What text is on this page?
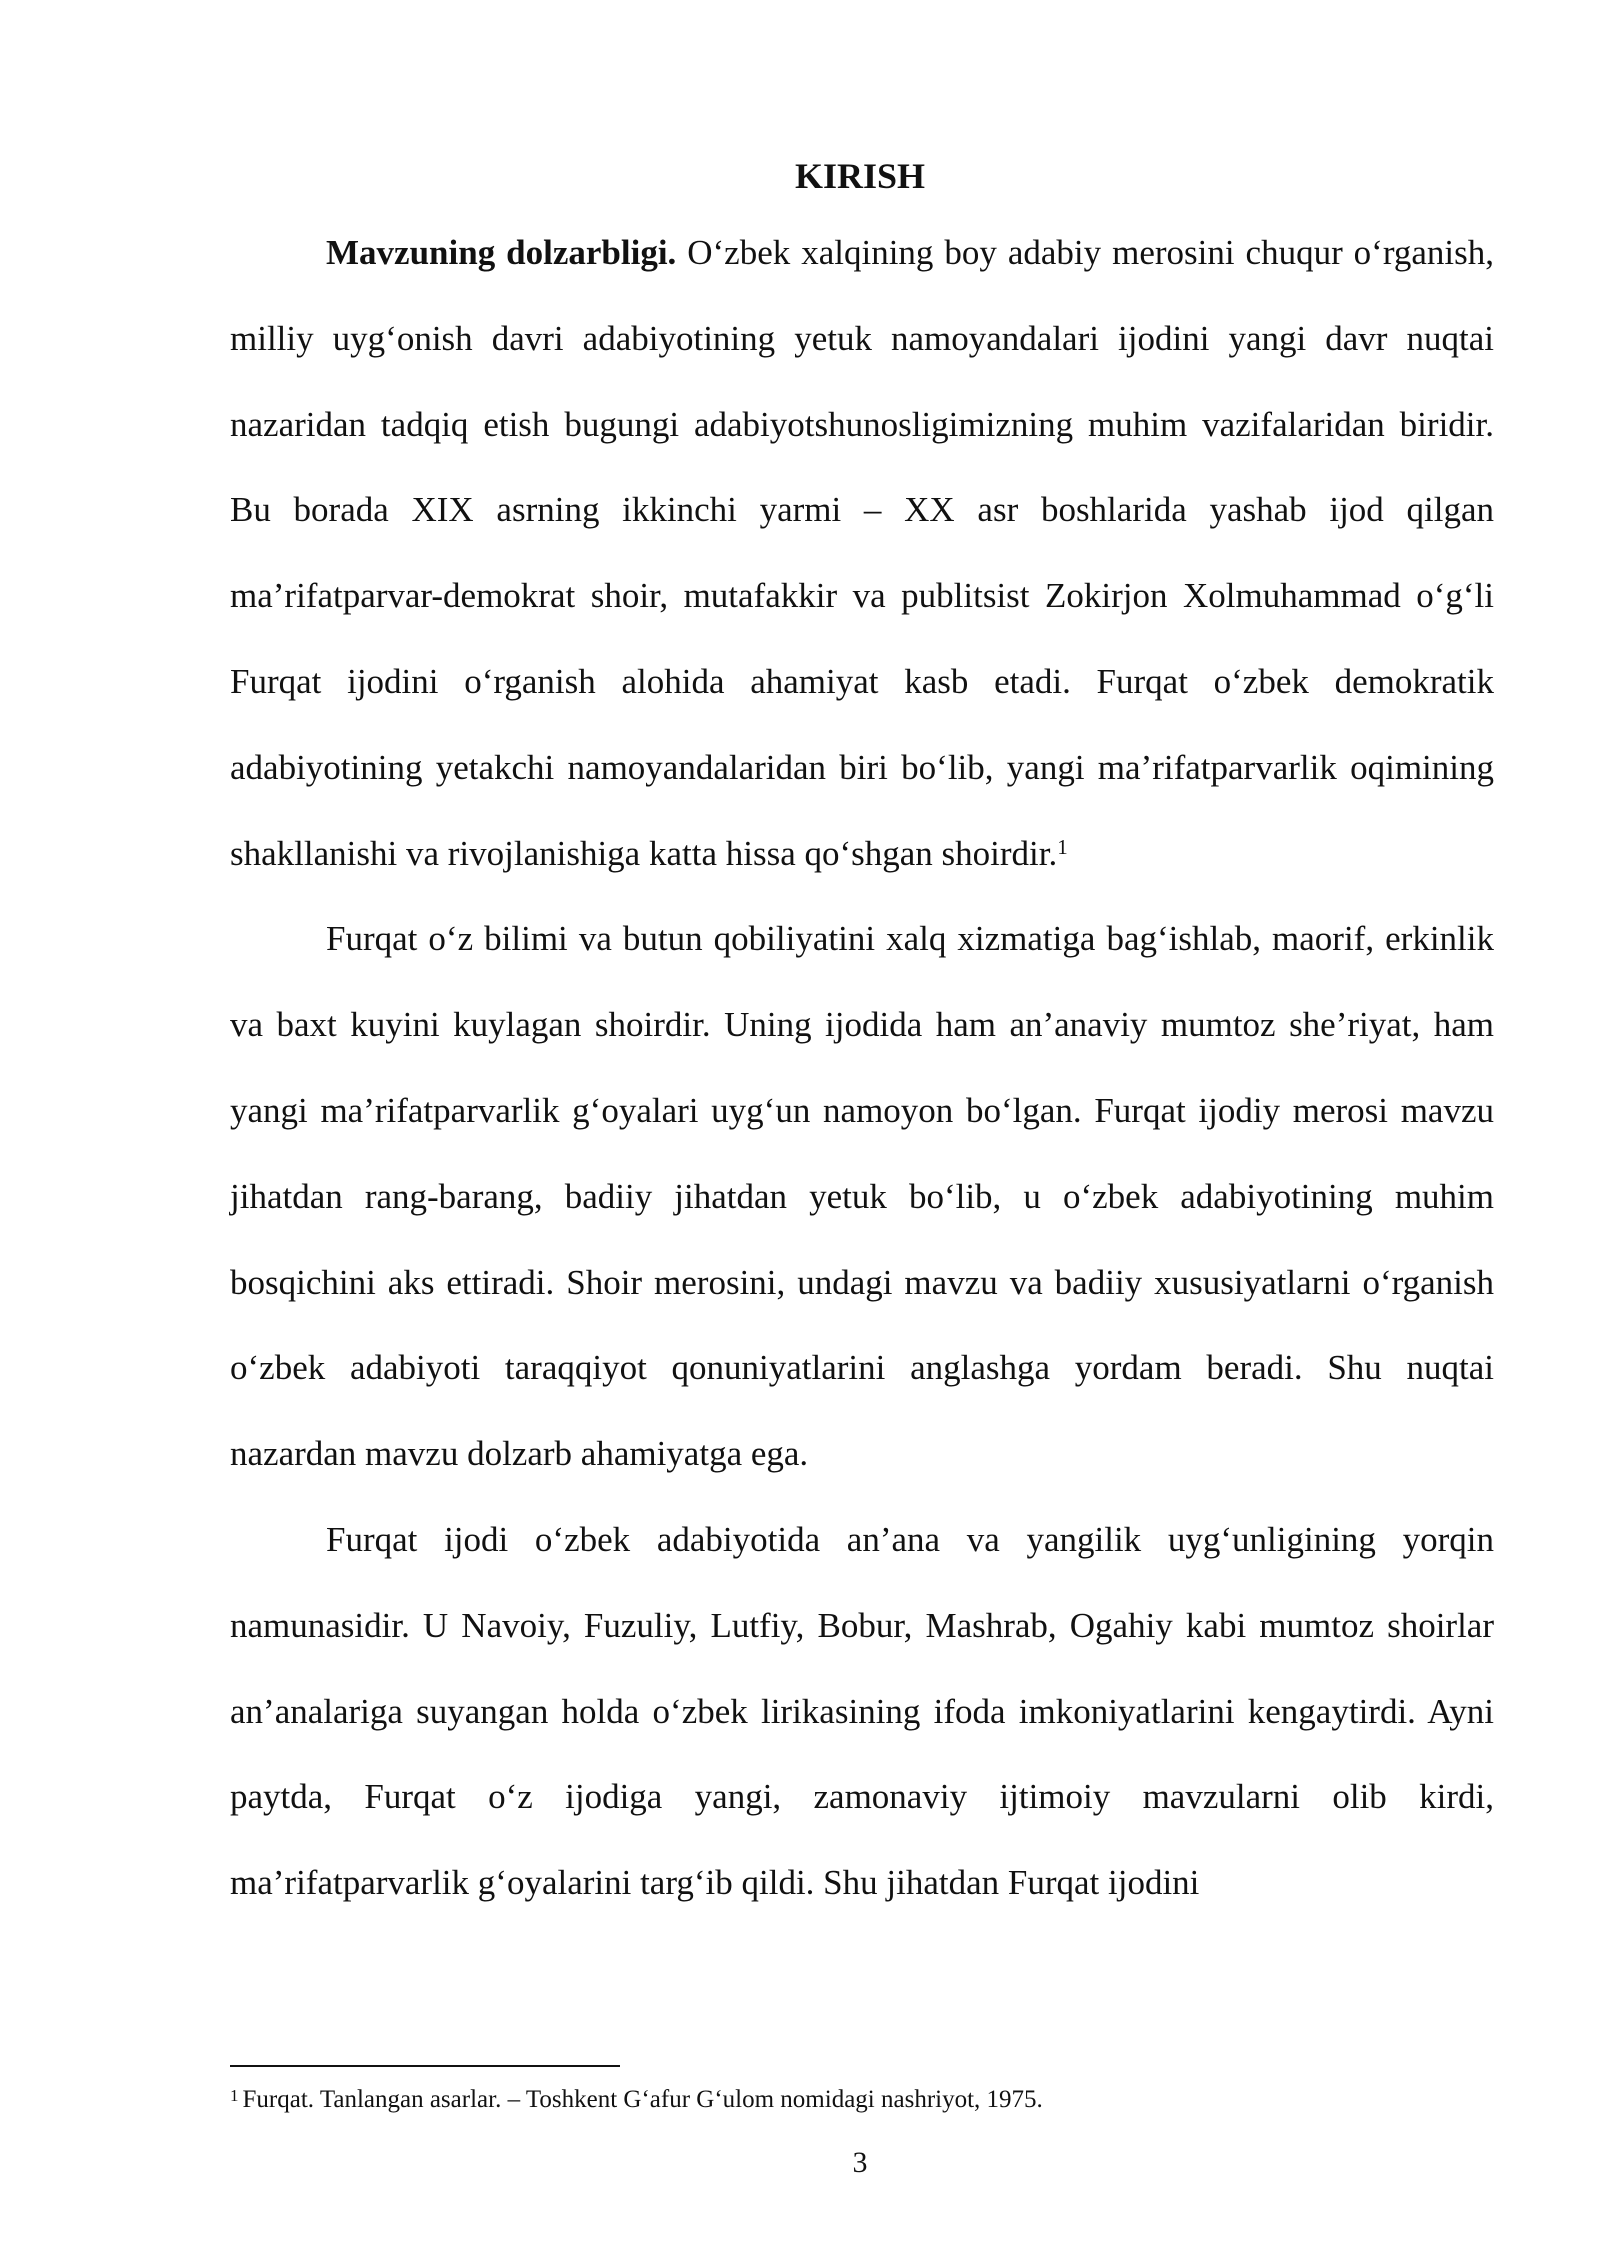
KIRISH

Mavzuning dolzarbligi. O‘zbek xalqining boy adabiy merosini chuqur o‘rganish, milliy uyg‘onish davri adabiyotining yetuk namoyandalari ijodini yangi davr nuqtai nazaridan tadqiq etish bugungi adabiyotshunosligimizning muhim vazifalaridan biridir. Bu borada XIX asrning ikkinchi yarmi – XX asr boshlarida yashab ijod qilgan ma’rifatparvar-demokrat shoir, mutafakkir va publitsist Zokirjon Xolmuhammad o‘g‘li Furqat ijodini o‘rganish alohida ahamiyat kasb etadi. Furqat o‘zbek demokratik adabiyotining yetakchi namoyandalaridan biri bo‘lib, yangi ma’rifatparvarlik oqimining shakllanishi va rivojlanishiga katta hissa qo‘shgan shoirdir.$^1$

Furqat o‘z bilimi va butun qobiliyatini xalq xizmatiga bag‘ishlab, maorif, erkinlik va baxt kuyini kuylagan shoirdir. Uning ijodida ham an’anaviy mumtoz she’riyat, ham yangi ma’rifatparvarlik g‘oyalari uyg‘un namoyon bo‘lgan. Furqat ijodiy merosi mavzu jihatdan rang-barang, badiiy jihatdan yetuk bo‘lib, u o‘zbek adabiyotining muhim bosqichini aks ettiradi. Shoir merosini, undagi mavzu va badiiy xususiyatlarni o‘rganish o‘zbek adabiyoti taraqqiyot qonuniyatlarini anglashga yordam beradi. Shu nuqtai nazardan mavzu dolzarb ahamiyatga ega.

Furqat ijodi o‘zbek adabiyotida an’ana va yangilik uyg‘unligining yorqin namunasidir. U Navoiy, Fuzuliy, Lutfiy, Bobur, Mashrab, Ogahiy kabi mumtoz shoirlar an’analariga suyangan holda o‘zbek lirikasining ifoda imkoniyatlarini kengaytirdi. Ayni paytda, Furqat o‘z ijodiga yangi, zamonaviy ijtimoiy mavzularni olib kirdi, ma’rifatparvarlik g‘oyalarini targ‘ib qildi. Shu jihatdan Furqat ijodini

$^1$ Furqat. Tanlangan asarlar. – Toshkent G‘afur G‘ulom nomidagi nashriyot, 1975.

3
